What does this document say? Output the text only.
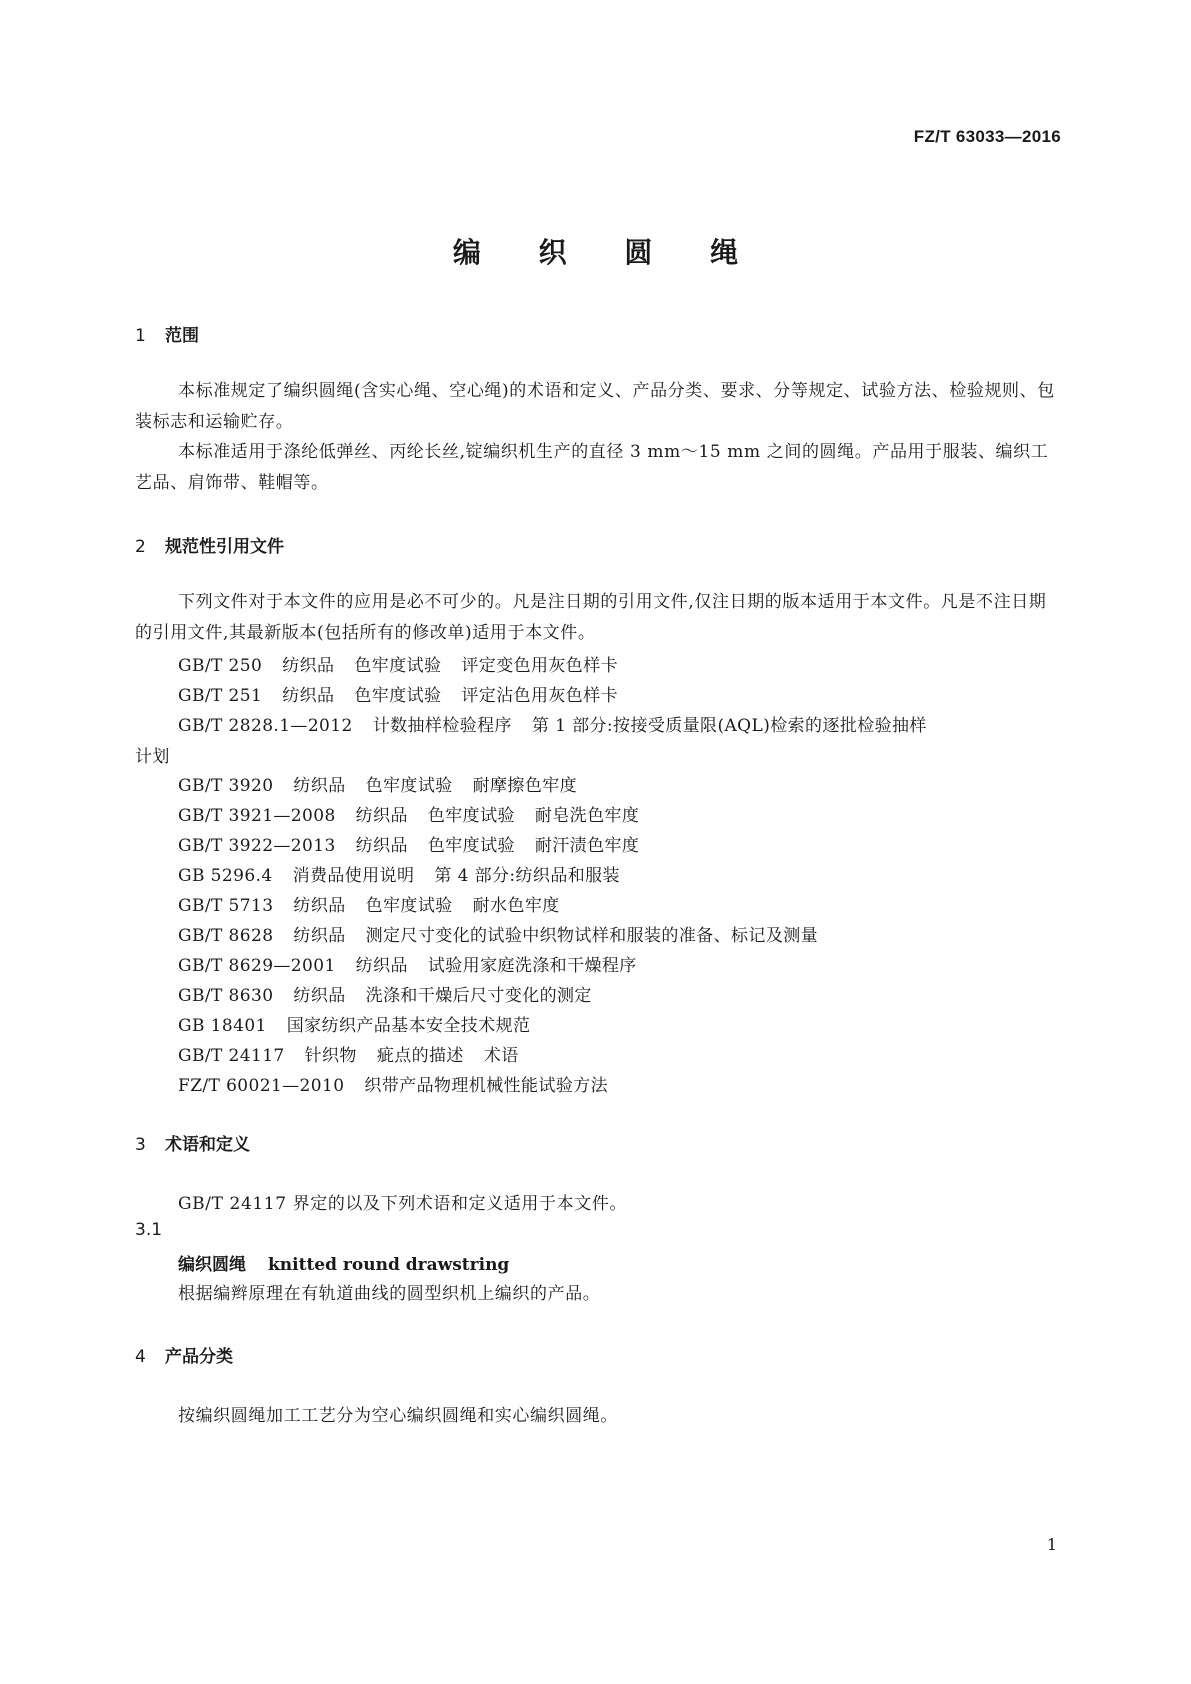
FZ/T 63033—2016
编 织 圆 绳
1 范围

本标准规定了编织圆绳(含实心绳、空心绳)的术语和定义、产品分类、要求、分等规定、试验方法、检验规则、包装标志和运输贮存。

本标准适用于涤纶低弹丝、丙纶长丝,锭编织机生产的直径 3 mm～15 mm 之间的圆绳。产品用于服装、编织工艺品、肩饰带、鞋帽等。

2 规范性引用文件

下列文件对于本文件的应用是必不可少的。凡是注日期的引用文件,仅注日期的版本适用于本文件。凡是不注日期的引用文件,其最新版本(包括所有的修改单)适用于本文件。

GB/T 250 纺织品 色牢度试验 评定变色用灰色样卡
GB/T 251 纺织品 色牢度试验 评定沾色用灰色样卡
GB/T 2828.1—2012 计数抽样检验程序 第 1 部分:按接受质量限(AQL)检索的逐批检验抽样
计划
GB/T 3920 纺织品 色牢度试验 耐摩擦色牢度
GB/T 3921—2008 纺织品 色牢度试验 耐皂洗色牢度
GB/T 3922—2013 纺织品 色牢度试验 耐汗渍色牢度
GB 5296.4 消费品使用说明 第 4 部分:纺织品和服装
GB/T 5713 纺织品 色牢度试验 耐水色牢度
GB/T 8628 纺织品 测定尺寸变化的试验中织物试样和服装的准备、标记及测量
GB/T 8629—2001 纺织品 试验用家庭洗涤和干燥程序
GB/T 8630 纺织品 洗涤和干燥后尺寸变化的测定
GB 18401 国家纺织产品基本安全技术规范
GB/T 24117 针织物 疵点的描述 术语
FZ/T 60021—2010 织带产品物理机械性能试验方法
3 术语和定义
GB/T 24117 界定的以及下列术语和定义适用于本文件。
3.1
编织圆绳 knitted round drawstring
根据编辫原理在有轨道曲线的圆型织机上编织的产品。
4 产品分类
按编织圆绳加工工艺分为空心编织圆绳和实心编织圆绳。
1
